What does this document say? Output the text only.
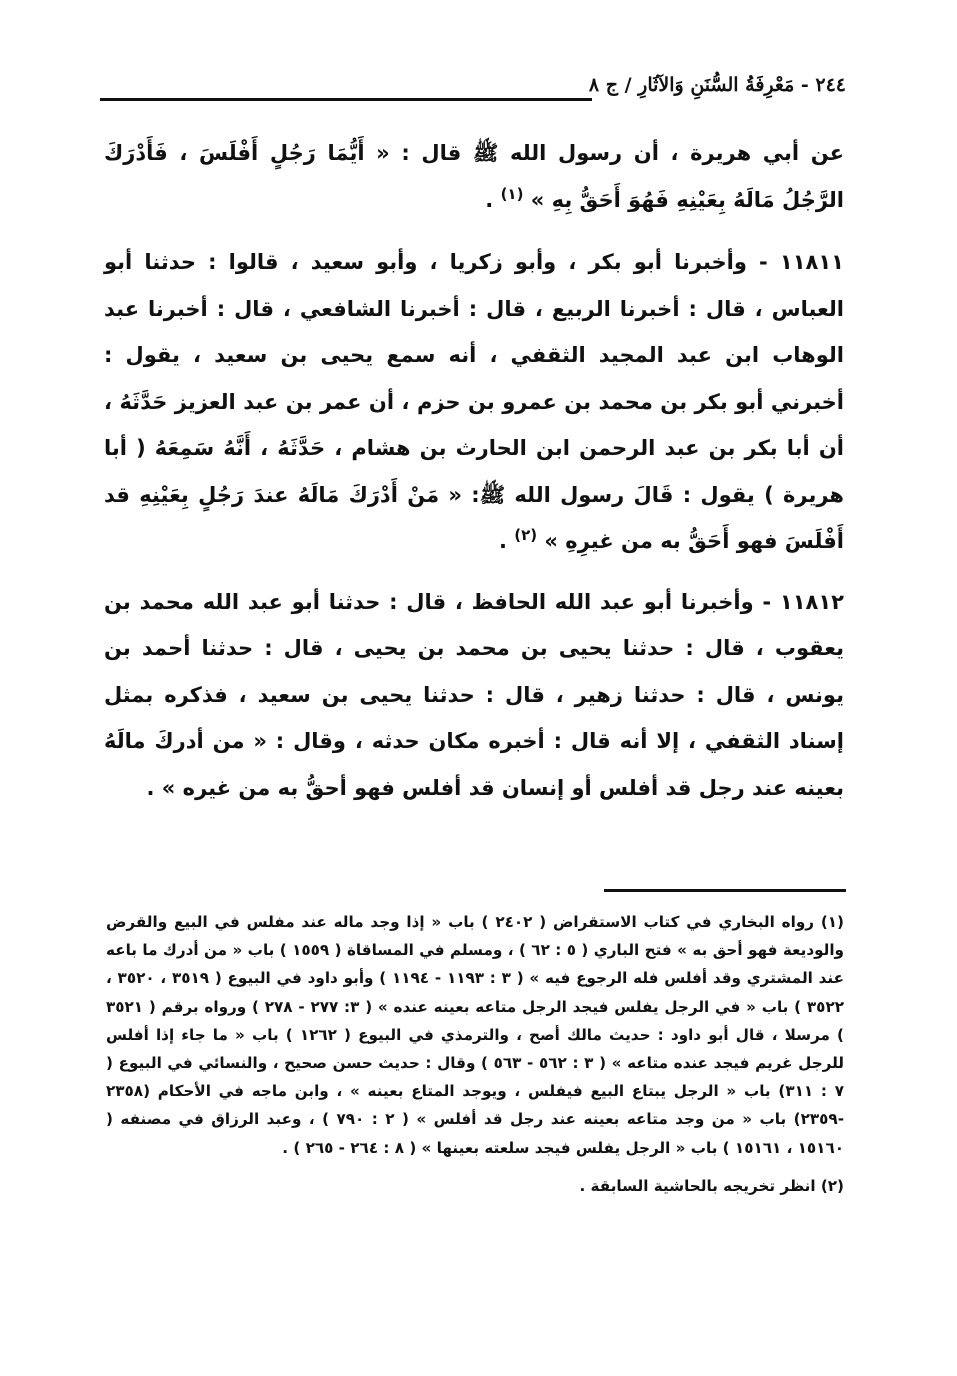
٢٤٤ - مَعْرِفَةُ السُّنَنِ وَالآثَارِ / ج ٨

عن أبي هريرة ، أن رسول الله ﷺ قال : « أَيُّمَا رَجُلٍ أَفْلَسَ ، فَأَدْرَكَ الرَّجُلُ مَالَهُ بِعَيْنِهِ فَهُوَ أَحَقُّ بِهِ » $^{(١)}$ .

١١٨١١ - وأخبرنا أبو بكر ، وأبو زكريا ، وأبو سعيد ، قالوا : حدثنا أبو العباس ، قال : أخبرنا الربيع ، قال : أخبرنا الشافعي ، قال : أخبرنا عبد الوهاب ابن عبد المجيد الثقفي ، أنه سمع يحيى بن سعيد ، يقول : أخبرني أبو بكر بن محمد بن عمرو بن حزم ، أن عمر بن عبد العزيز حَدَّثَهُ ، أن أبا بكر بن عبد الرحمن ابن الحارث بن هشام ، حَدَّثَهُ ، أَنَّهُ سَمِعَهُ ( أبا هريرة ) يقول : قَالَ رسول الله ﷺ: « مَنْ أَدْرَكَ مَالَهُ عندَ رَجُلٍ بِعَيْنِهِ قد أَفْلَسَ فهو أَحَقُّ به من غيرِهِ » $^{(٢)}$ .

١١٨١٢ - وأخبرنا أبو عبد الله الحافظ ، قال : حدثنا أبو عبد الله محمد بن يعقوب ، قال : حدثنا يحيى بن محمد بن يحيى ، قال : حدثنا أحمد بن يونس ، قال : حدثنا زهير ، قال : حدثنا يحيى بن سعيد ، فذكره بمثل إسناد الثقفي ، إلا أنه قال : أخبره مكان حدثه ، وقال : « من أدركَ مالَهُ بعينه عند رجل قد أفلس أو إنسان قد أفلس فهو أحقُّ به من غيره » .

(١) رواه البخاري في كتاب الاستقراض ( ٢٤٠٢ ) باب « إذا وجد ماله عند مفلس في البيع والقرض والوديعة فهو أحق به » فتح الباري ( ٥ : ٦٢ ) ، ومسلم في المساقاة ( ١٥٥٩ ) باب « من أدرك ما باعه عند المشتري وقد أفلس فله الرجوع فيه » ( ٣ : ١١٩٣ - ١١٩٤ ) وأبو داود في البيوع ( ٣٥١٩ ، ٣٥٢٠ ، ٣٥٢٢ ) باب « في الرجل يفلس فيجد الرجل متاعه بعينه عنده » ( ٣: ٢٧٧ - ٢٧٨ ) ورواه برقم ( ٣٥٢١ ) مرسلا ، قال أبو داود : حديث مالك أصح ، والترمذي في البيوع ( ١٢٦٢ ) باب « ما جاء إذا أفلس للرجل غريم فيجد عنده متاعه » ( ٣ : ٥٦٢ - ٥٦٣ ) وقال : حديث حسن صحيح ، والنسائي في البيوع ( ٧ : ٣١١) باب « الرجل يبتاع البيع فيفلس ، ويوجد المتاع بعينه » ، وابن ماجه في الأحكام (٢٣٥٨ -٢٣٥٩) باب « من وجد متاعه بعينه عند رجل قد أفلس » ( ٢ : ٧٩٠ ) ، وعبد الرزاق في مصنفه ( ١٥١٦٠ ، ١٥١٦١ ) باب « الرجل يفلس فيجد سلعته بعينها » ( ٨ : ٢٦٤ - ٢٦٥ ) .

(٢) انظر تخريجه بالحاشية السابقة .
